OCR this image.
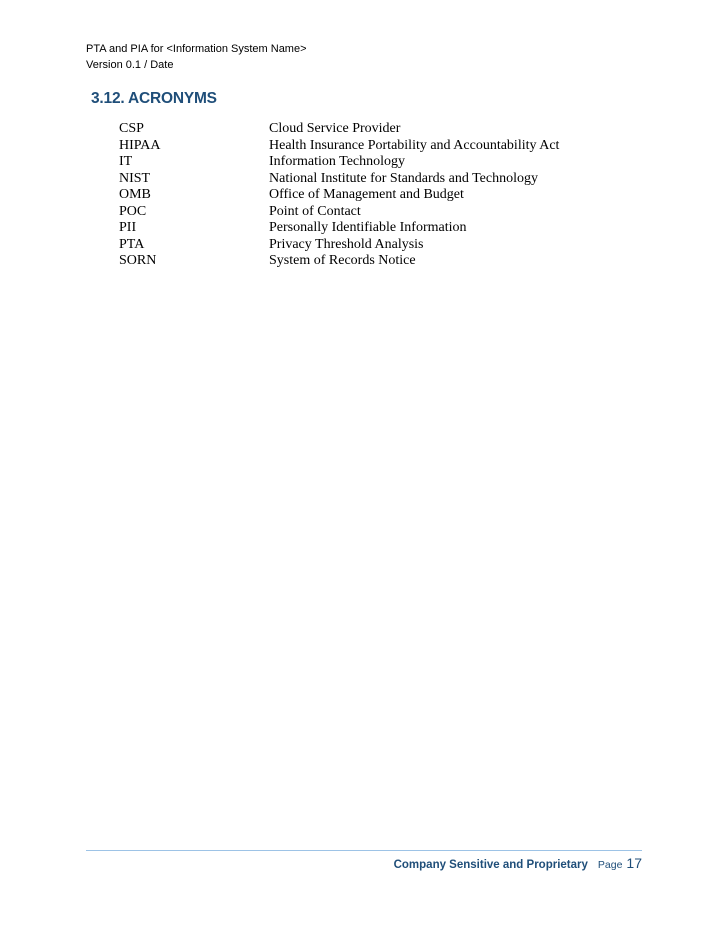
PTA and PIA for <Information System Name>
Version 0.1 / Date
3.12. ACRONYMS
CSP	Cloud Service Provider
HIPAA	Health Insurance Portability and Accountability Act
IT	Information Technology
NIST	National Institute for Standards and Technology
OMB	Office of Management and Budget
POC	Point of Contact
PII	Personally Identifiable Information
PTA	Privacy Threshold Analysis
SORN	System of Records Notice
Company Sensitive and Proprietary Page 17
